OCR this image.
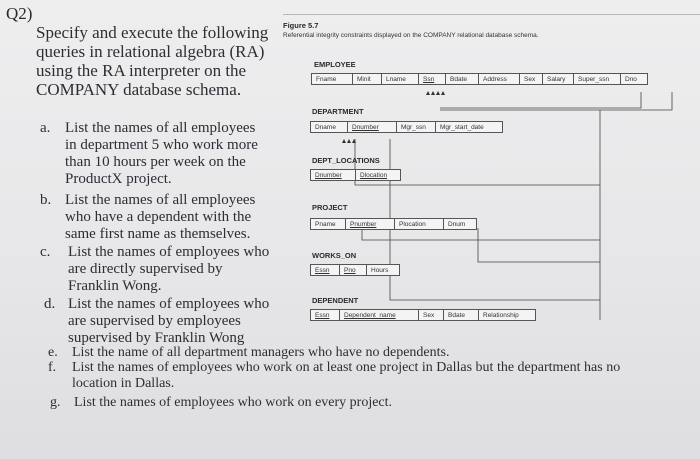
Q2)
Specify and execute the following
queries in relational algebra (RA)
using the RA interpreter on the
COMPANY database schema.
a. List the names of all employees
in department 5 who work more
than 10 hours per week on the
ProductX project.
b. List the names of all employees
who have a dependent with the
same first name as themselves.
c. List the names of employees who
are directly supervised by
Franklin Wong.
d. List the names of employees who
are supervised by employees
supervised by Franklin Wong
e. List the name of all department managers who have no dependents.
f. List the names of employees who work on at least one project in Dallas but the department has no
location in Dallas.
g. List the names of employees who work on every project.
Figure 5.7
Referential integrity constraints displayed on the COMPANY relational database schema.
EMPLOYEE
Fname	Minit	Lname	Ssn	Bdate	Address	Sex	Salary	Super_ssn	Dno
DEPARTMENT
Dname	Dnumber	Mgr_ssn	Mgr_start_date
DEPT_LOCATIONS
Dnumber	Dlocation
PROJECT
Pname	Pnumber	Plocation	Dnum
WORKS_ON
Essn	Pno	Hours
DEPENDENT
Essn	Dependent_name	Sex	Bdate	Relationship
